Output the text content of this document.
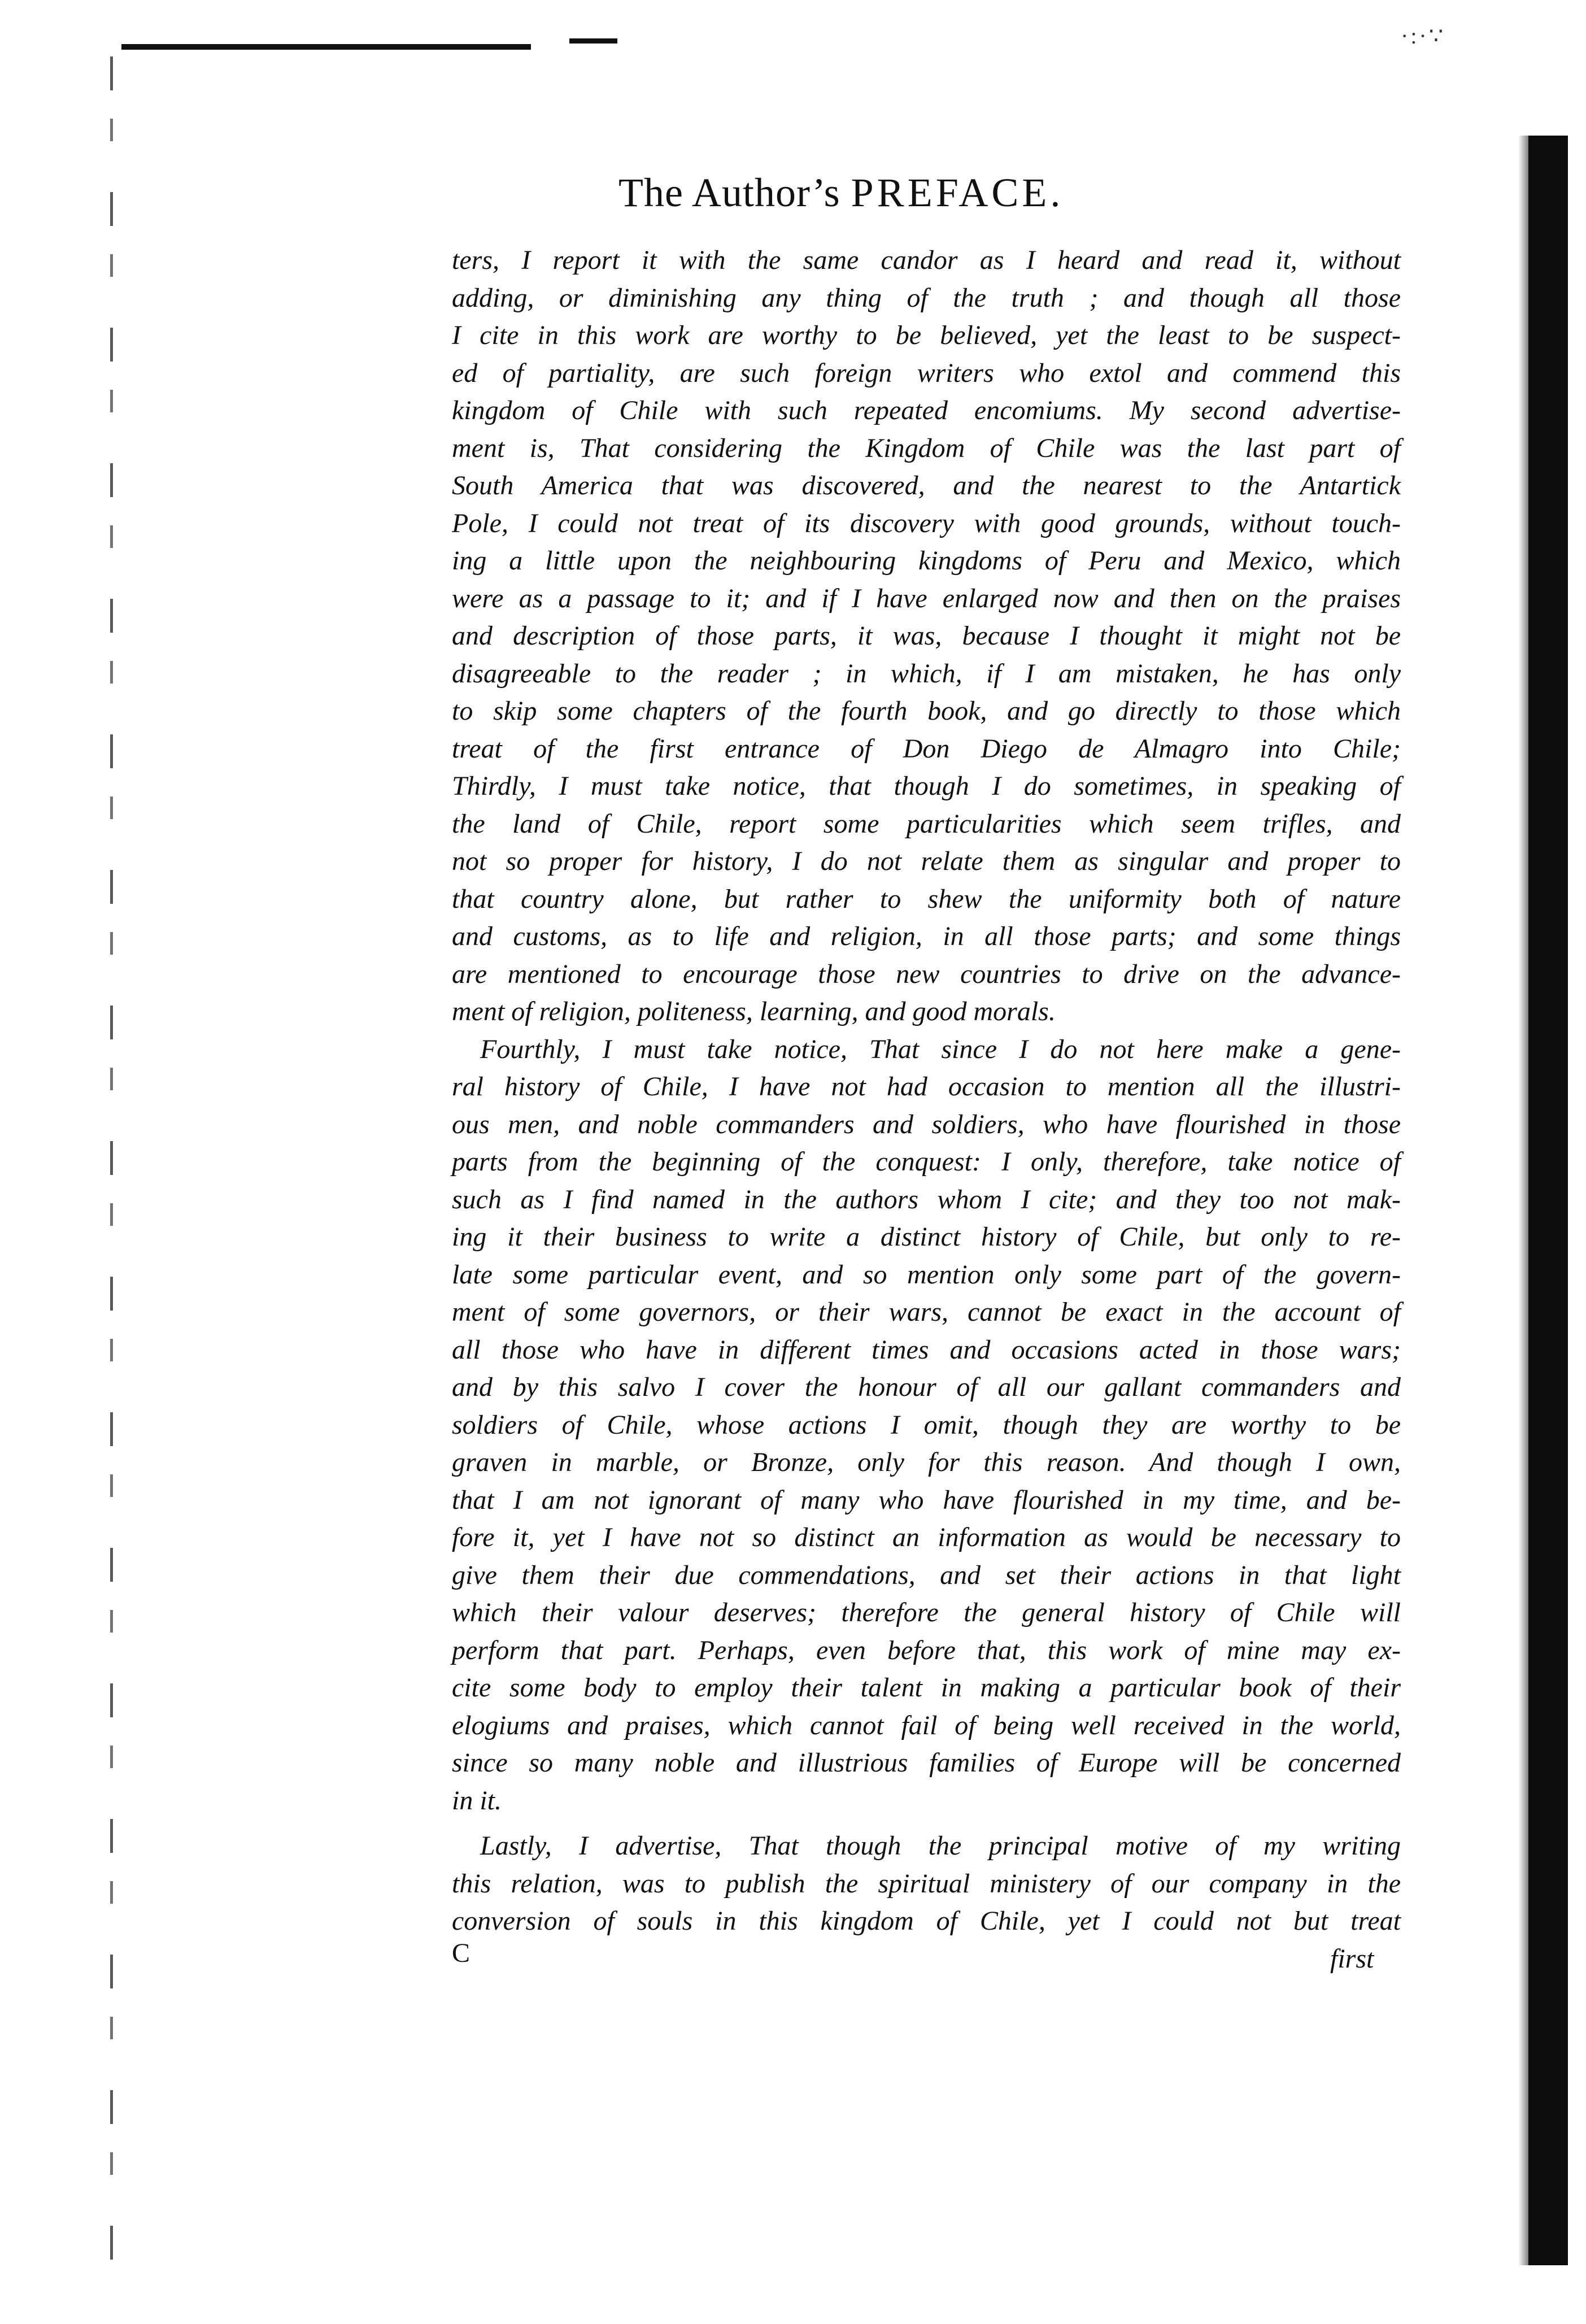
·:·∵
The Author’s PREFACE.
ters, I report it with the same candor as I heard and read it, without
adding, or diminishing any thing of the truth ; and though all those
I cite in this work are worthy to be believed, yet the least to be suspect-
ed of partiality, are such foreign writers who extol and commend this
kingdom of Chile with such repeated encomiums. My second advertise-
ment is, That considering the Kingdom of Chile was the last part of
South America that was discovered, and the nearest to the Antartick
Pole, I could not treat of its discovery with good grounds, without touch-
ing a little upon the neighbouring kingdoms of Peru and Mexico, which
were as a passage to it; and if I have enlarged now and then on the praises
and description of those parts, it was, because I thought it might not be
disagreeable to the reader ; in which, if I am mistaken, he has only
to skip some chapters of the fourth book, and go directly to those which
treat of the first entrance of Don Diego de Almagro into Chile;
Thirdly, I must take notice, that though I do sometimes, in speaking of
the land of Chile, report some particularities which seem trifles, and
not so proper for history, I do not relate them as singular and proper to
that country alone, but rather to shew the uniformity both of nature
and customs, as to life and religion, in all those parts; and some things
are mentioned to encourage those new countries to drive on the advance-
ment of religion, politeness, learning, and good morals.
Fourthly, I must take notice, That since I do not here make a gene-
ral history of Chile, I have not had occasion to mention all the illustri-
ous men, and noble commanders and soldiers, who have flourished in those
parts from the beginning of the conquest: I only, therefore, take notice of
such as I find named in the authors whom I cite; and they too not mak-
ing it their business to write a distinct history of Chile, but only to re-
late some particular event, and so mention only some part of the govern-
ment of some governors, or their wars, cannot be exact in the account of
all those who have in different times and occasions acted in those wars;
and by this salvo I cover the honour of all our gallant commanders and
soldiers of Chile, whose actions I omit, though they are worthy to be
graven in marble, or Bronze, only for this reason. And though I own,
that I am not ignorant of many who have flourished in my time, and be-
fore it, yet I have not so distinct an information as would be necessary to
give them their due commendations, and set their actions in that light
which their valour deserves; therefore the general history of Chile will
perform that part. Perhaps, even before that, this work of mine may ex-
cite some body to employ their talent in making a particular book of their
elogiums and praises, which cannot fail of being well received in the world,
since so many noble and illustrious families of Europe will be concerned
in it.
Lastly, I advertise, That though the principal motive of my writing
this relation, was to publish the spiritual ministery of our company in the
conversion of souls in this kingdom of Chile, yet I could not but treat
C	first
